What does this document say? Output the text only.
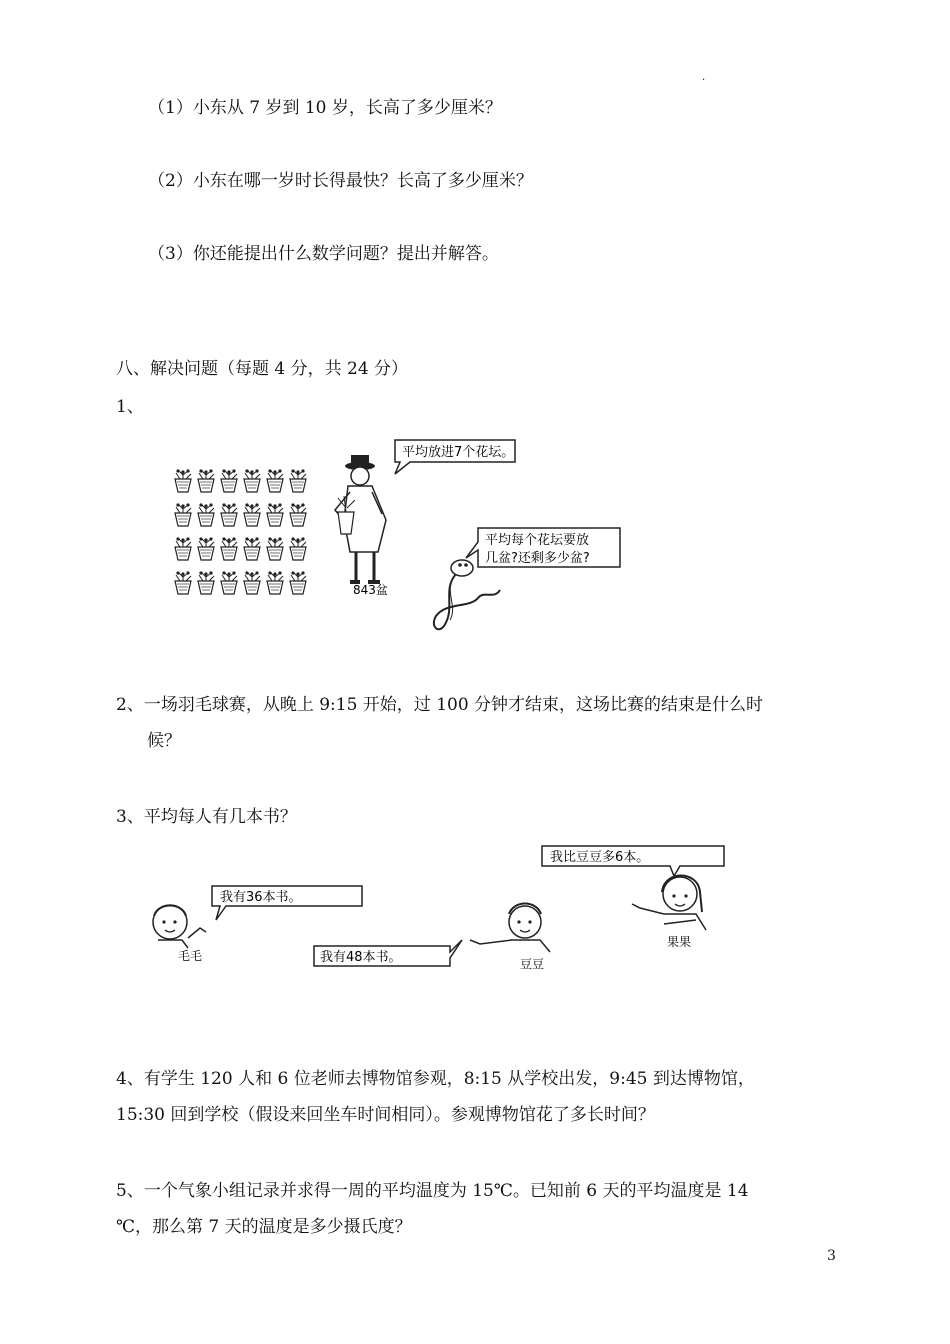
.
（1）小东从 7 岁到 10 岁，长高了多少厘米？
（2）小东在哪一岁时长得最快？长高了多少厘米？
（3）你还能提出什么数学问题？提出并解答。
八、解决问题（每题 4 分，共 24 分）
1、
843盆
平均放进7个花坛。
平均每个花坛要放
几盆?还剩多少盆?
2、一场羽毛球赛，从晚上 9:15 开始，过 100 分钟才结束，这场比赛的结束是什么时
候？
3、平均每人有几本书？
毛毛
我有36本书。
我有48本书。	豆豆
我比豆豆多6本。
果果
4、有学生 120 人和 6 位老师去博物馆参观，8:15 从学校出发，9:45 到达博物馆，
15:30 回到学校（假设来回坐车时间相同）。参观博物馆花了多长时间？
5、一个气象小组记录并求得一周的平均温度为 15℃。已知前 6 天的平均温度是 14
℃，那么第 7 天的温度是多少摄氏度？
3
